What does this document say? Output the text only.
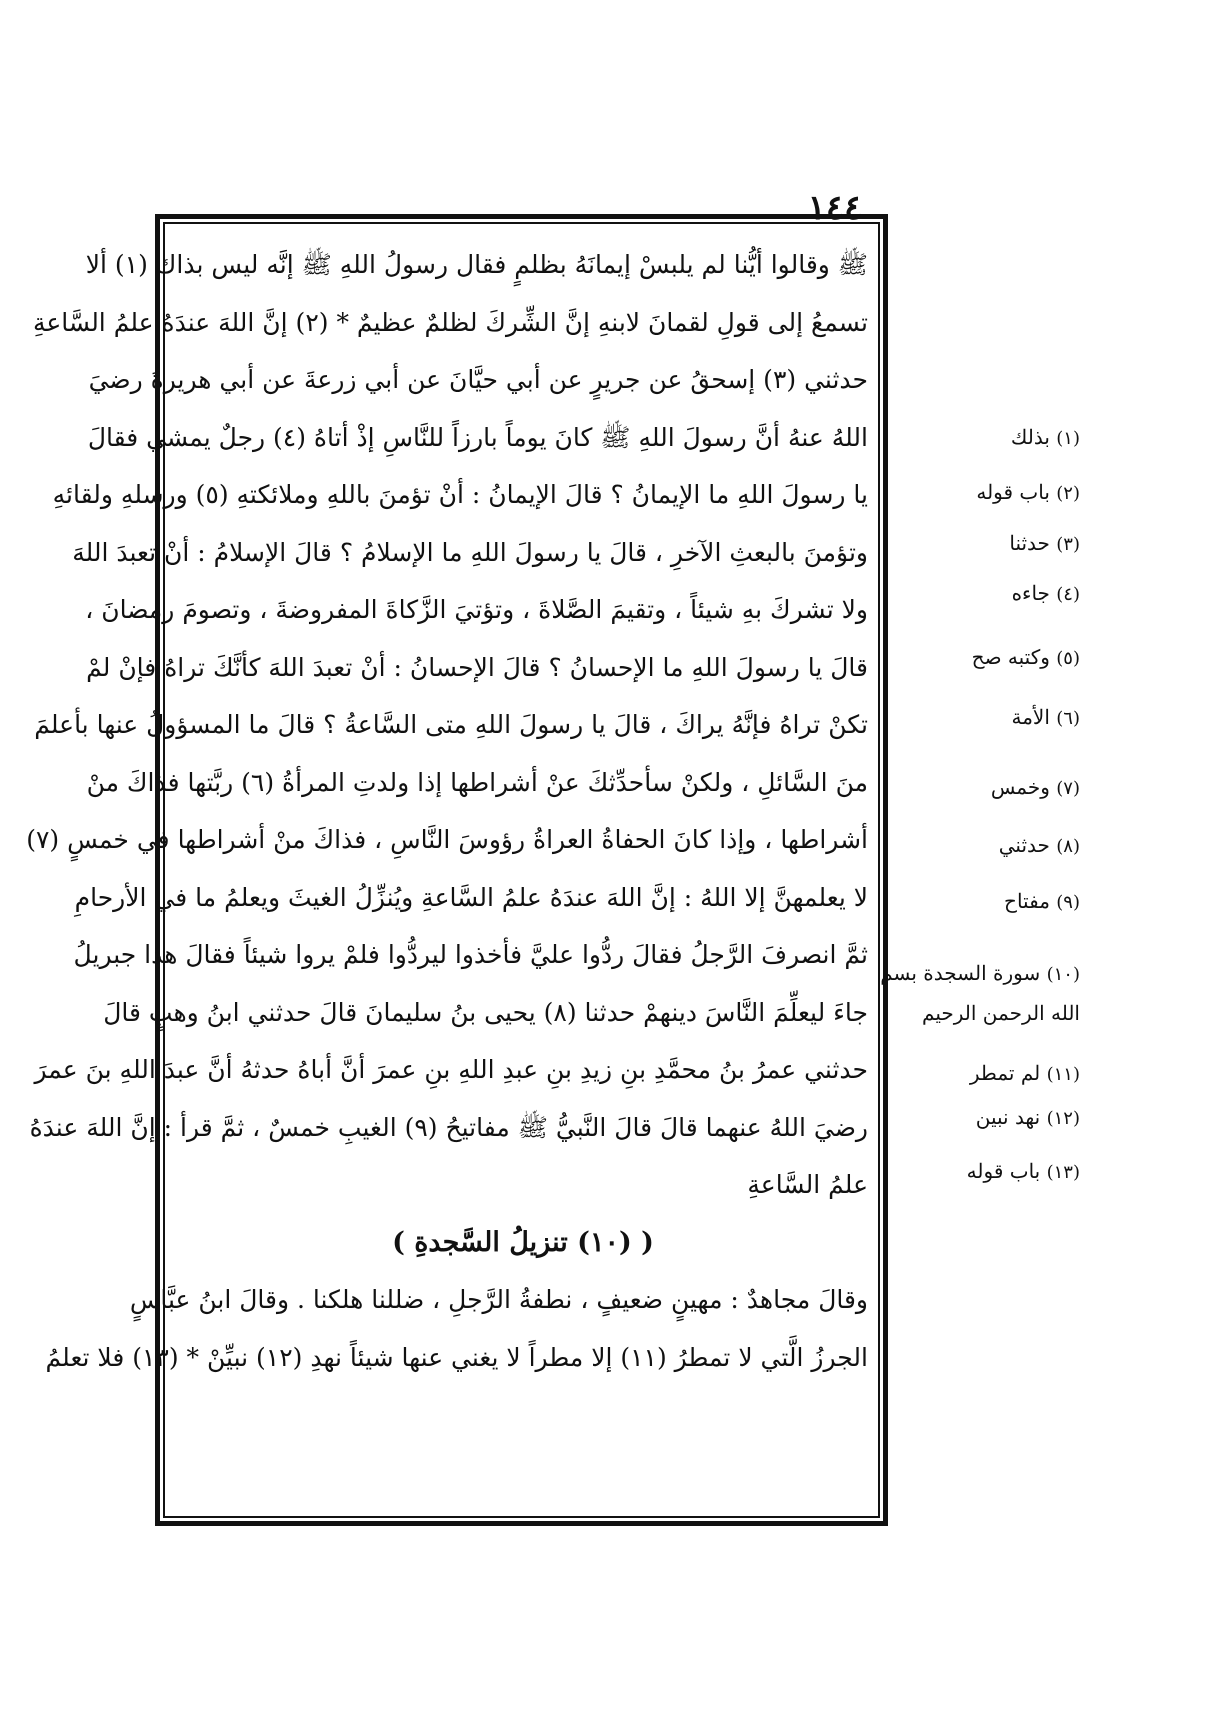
١٤٤
ﷺ وقالوا أيُّنا لم يلبسْ إيمانَهُ بظلمٍ فقال رسولُ اللهِ ﷺ إنَّه ليس بذاك (١) ألا
تسمعُ إلى قولِ لقمانَ لابنهِ إنَّ الشِّركَ لظلمٌ عظيمٌ * (٢) إنَّ اللهَ عندَهُ علمُ السَّاعةِ
حدثني (٣) إسحقُ عن جريرٍ عن أبي حيَّانَ عن أبي زرعةَ عن أبي هريرةَ رضيَ
اللهُ عنهُ أنَّ رسولَ اللهِ ﷺ كانَ يوماً بارزاً للنَّاسِ إذْ أتاهُ (٤) رجلٌ يمشي فقالَ
يا رسولَ اللهِ ما الإيمانُ ؟ قالَ الإيمانُ : أنْ تؤمنَ باللهِ وملائكتهِ (٥) ورسلهِ ولقائهِ
وتؤمنَ بالبعثِ الآخرِ ، قالَ يا رسولَ اللهِ ما الإسلامُ ؟ قالَ الإسلامُ : أنْ تعبدَ اللهَ
ولا تشركَ بهِ شيئاً ، وتقيمَ الصَّلاةَ ، وتؤتيَ الزَّكاةَ المفروضةَ ، وتصومَ رمضانَ ،
قالَ يا رسولَ اللهِ ما الإحسانُ ؟ قالَ الإحسانُ : أنْ تعبدَ اللهَ كأنَّكَ تراهُ فإنْ لمْ
تكنْ تراهُ فإنَّهُ يراكَ ، قالَ يا رسولَ اللهِ متى السَّاعةُ ؟ قالَ ما المسؤولُ عنها بأعلمَ
منَ السَّائلِ ، ولكنْ سأحدِّثكَ عنْ أشراطها إذا ولدتِ المرأةُ (٦) ربَّتها فذاكَ منْ
أشراطها ، وإذا كانَ الحفاةُ العراةُ رؤوسَ النَّاسِ ، فذاكَ منْ أشراطها في خمسٍ (٧)
لا يعلمهنَّ إلا اللهُ : إنَّ اللهَ عندَهُ علمُ السَّاعةِ ويُنزِّلُ الغيثَ ويعلمُ ما في الأرحامِ
ثمَّ انصرفَ الرَّجلُ فقالَ ردُّوا عليَّ فأخذوا ليردُّوا فلمْ يروا شيئاً فقالَ هذا جبريلُ
جاءَ ليعلِّمَ النَّاسَ دينهمْ حدثنا (٨) يحيى بنُ سليمانَ قالَ حدثني ابنُ وهبٍ قالَ
حدثني عمرُ بنُ محمَّدِ بنِ زيدِ بنِ عبدِ اللهِ بنِ عمرَ أنَّ أباهُ حدثهُ أنَّ عبدَ اللهِ بنَ عمرَ
رضيَ اللهُ عنهما قالَ قالَ النَّبيُّ ﷺ مفاتيحُ (٩) الغيبِ خمسٌ ، ثمَّ قرأ : إنَّ اللهَ عندَهُ
علمُ السَّاعةِ
( (١٠) تنزيلُ السَّجدةِ )
وقالَ مجاهدٌ : مهينٍ ضعيفٍ ، نطفةُ الرَّجلِ ، ضللنا هلكنا . وقالَ ابنُ عبَّاسٍ
الجرزُ الَّتي لا تمطرُ (١١) إلا مطراً لا يغني عنها شيئاً نهدِ (١٢) نبيِّنْ * (١٣) فلا تعلمُ
(١) بذلك
(٢) باب قوله
(٣) حدثنا
(٤) جاءه
(٥) وكتبه صح
(٦) الأمة
(٧) وخمس
(٨) حدثني
(٩) مفتاح
(١٠) سورة السجدة بسم
الله الرحمن الرحيم
(١١) لم تمطر
(١٢) نهد نبين
(١٣) باب قوله
